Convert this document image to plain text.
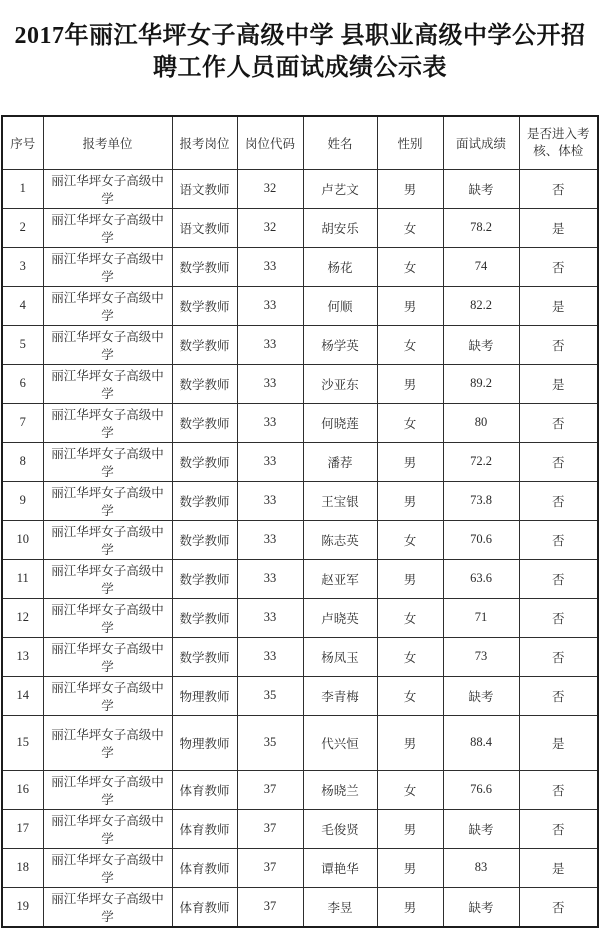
2017年丽江华坪女子高级中学 县职业高级中学公开招聘工作人员面试成绩公示表
序号	报考单位	报考岗位	岗位代码	姓名	性别	面试成绩	是否进入考核、体检
1	丽江华坪女子高级中学	语文教师	32	卢艺文	男	缺考	否
2	丽江华坪女子高级中学	语文教师	32	胡安乐	女	78.2	是
3	丽江华坪女子高级中学	数学教师	33	杨花	女	74	否
4	丽江华坪女子高级中学	数学教师	33	何顺	男	82.2	是
5	丽江华坪女子高级中学	数学教师	33	杨学英	女	缺考	否
6	丽江华坪女子高级中学	数学教师	33	沙亚东	男	89.2	是
7	丽江华坪女子高级中学	数学教师	33	何晓莲	女	80	否
8	丽江华坪女子高级中学	数学教师	33	潘荐	男	72.2	否
9	丽江华坪女子高级中学	数学教师	33	王宝银	男	73.8	否
10	丽江华坪女子高级中学	数学教师	33	陈志英	女	70.6	否
11	丽江华坪女子高级中学	数学教师	33	赵亚军	男	63.6	否
12	丽江华坪女子高级中学	数学教师	33	卢晓英	女	71	否
13	丽江华坪女子高级中学	数学教师	33	杨凤玉	女	73	否
14	丽江华坪女子高级中学	物理教师	35	李青梅	女	缺考	否
15	丽江华坪女子高级中学	物理教师	35	代兴恒	男	88.4	是
16	丽江华坪女子高级中学	体育教师	37	杨晓兰	女	76.6	否
17	丽江华坪女子高级中学	体育教师	37	毛俊贤	男	缺考	否
18	丽江华坪女子高级中学	体育教师	37	谭艳华	男	83	是
19	丽江华坪女子高级中学	体育教师	37	李昱	男	缺考	否
